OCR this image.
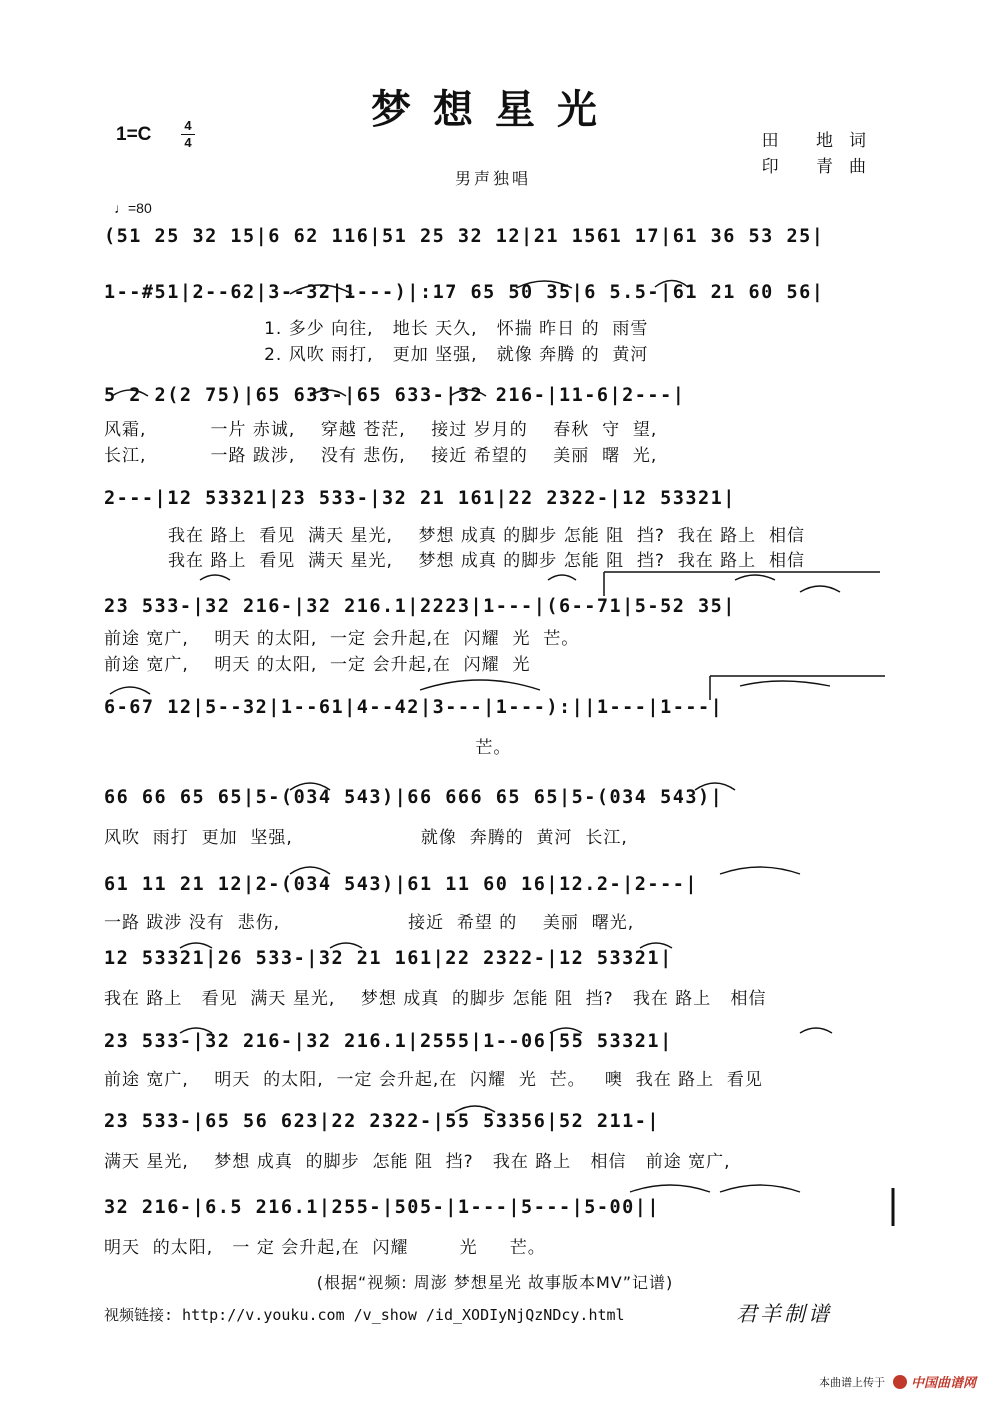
梦想星光
1=C	4
4	田 地词
印 青曲
男声独唱
♩=80
(51 25 32 15|6 62 116|51 25 32 12|21 1561 17|61 36 53 25|
1--#51|2--62|3--32|1---)|:17 65 50 35|6 5.5-|61 21 60 56|
1. 多少 向往,   地长 天久,   怀揣 昨日 的  雨雪
2. 风吹 雨打,   更加 坚强,   就像 奔腾 的  黄河
5 2 2(2 75)|65 633-|65 633-|32 216-|11-6|2---|
风霜,          一片 赤诚,    穿越 苍茫,    接过 岁月的    春秋  守  望,
长江,          一路 跋涉,    没有 悲伤,    接近 希望的    美丽  曙  光,
2---|12 53321|23 533-|32 21 161|22 2322-|12 53321|
我在 路上  看见  满天 星光,    梦想 成真 的脚步 怎能 阻  挡?  我在 路上  相信
我在 路上  看见  满天 星光,    梦想 成真 的脚步 怎能 阻  挡?  我在 路上  相信
23 533-|32 216-|32 216.1|2223|1---|(6--71|5-52 35|
前途 宽广,    明天 的太阳,  一定 会升起,在  闪耀  光  芒。
前途 宽广,    明天 的太阳,  一定 会升起,在  闪耀  光
6-67 12|5--32|1--61|4--42|3---|1---):||1---|1---|
芒。
66 66 65 65|5-(034 543)|66 666 65 65|5-(034 543)|
风吹  雨打  更加  坚强,                    就像  奔腾的  黄河  长江,
61 11 21 12|2-(034 543)|61 11 60 16|12.2-|2---|
一路 跋涉 没有  悲伤,                    接近  希望 的    美丽  曙光,
12 53321|26 533-|32 21 161|22 2322-|12 53321|
我在 路上   看见  满天 星光,    梦想 成真  的脚步 怎能 阻  挡?   我在 路上   相信
23 533-|32 216-|32 216.1|2555|1--06|55 53321|
前途 宽广,    明天  的太阳,  一定 会升起,在  闪耀  光  芒。   噢  我在 路上  看见
23 533-|65 56 623|22 2322-|55 53356|52 211-|
满天 星光,    梦想 成真  的脚步  怎能 阻  挡?   我在 路上   相信   前途 宽广,
32 216-|6.5 216.1|255-|505-|1---|5---|5-00||
明天  的太阳,   一 定 会升起,在  闪耀        光     芒。
(根据“视频: 周澎 梦想星光 故事版本MV”记谱)
视频链接: http://v.youku.com /v_show /id_XODIyNjQzNDcy.html	君羊制谱
本曲谱上传于 中国曲谱网
